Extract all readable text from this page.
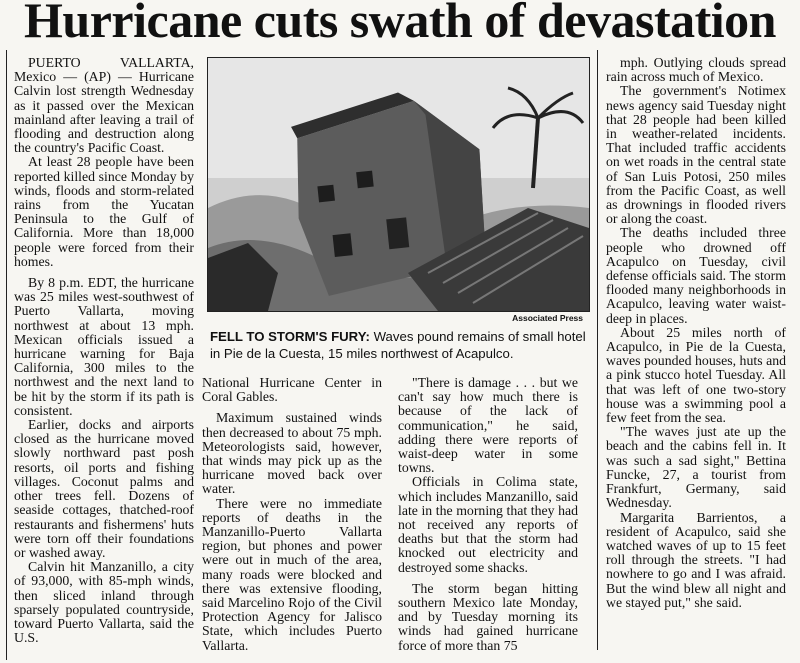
Hurricane cuts swath of devastation

PUERTO VALLARTA, Mexico — (AP) — Hurricane Calvin lost strength Wednesday as it passed over the Mexican mainland after leaving a trail of flooding and destruction along the country's Pacific Coast.

At least 28 people have been reported killed since Monday by winds, floods and storm-related rains from the Yucatan Peninsula to the Gulf of California. More than 18,000 people were forced from their homes.

By 8 p.m. EDT, the hurricane was 25 miles west-southwest of Puerto Vallarta, moving northwest at about 13 mph. Mexican officials issued a hurricane warning for Baja California, 300 miles to the northwest and the next land to be hit by the storm if its path is consistent.

Earlier, docks and airports closed as the hurricane moved slowly northward past posh resorts, oil ports and fishing villages. Coconut palms and other trees fell. Dozens of seaside cottages, thatched-roof restaurants and fishermens' huts were torn off their foundations or washed away.

Calvin hit Manzanillo, a city of 93,000, with 85-mph winds, then sliced inland through sparsely populated countryside, toward Puerto Vallarta, said the U.S.

Associated Press
FELL TO STORM'S FURY: Waves pound remains of small hotel in Pie de la Cuesta, 15 miles northwest of Acapulco.

National Hurricane Center in Coral Gables.

Maximum sustained winds then decreased to about 75 mph. Meteorologists said, however, that winds may pick up as the hurricane moved back over water.

There were no immediate reports of deaths in the Manzanillo-Puerto Vallarta region, but phones and power were out in much of the area, many roads were blocked and there was extensive flooding, said Marcelino Rojo of the Civil Protection Agency for Jalisco State, which includes Puerto Vallarta.

"There is damage . . . but we can't say how much there is because of the lack of communication," he said, adding there were reports of waist-deep water in some towns.

Officials in Colima state, which includes Manzanillo, said late in the morning that they had not received any reports of deaths but that the storm had knocked out electricity and destroyed some shacks.

The storm began hitting southern Mexico late Monday, and by Tuesday morning its winds had gained hurricane force of more than 75

mph. Outlying clouds spread rain across much of Mexico.

The government's Notimex news agency said Tuesday night that 28 people had been killed in weather-related incidents. That included traffic accidents on wet roads in the central state of San Luis Potosi, 250 miles from the Pacific Coast, as well as drownings in flooded rivers or along the coast.

The deaths included three people who drowned off Acapulco on Tuesday, civil defense officials said. The storm flooded many neighborhoods in Acapulco, leaving water waist-deep in places.

About 25 miles north of Acapulco, in Pie de la Cuesta, waves pounded houses, huts and a pink stucco hotel Tuesday. All that was left of one two-story house was a swimming pool a few feet from the sea.

"The waves just ate up the beach and the cabins fell in. It was such a sad sight," Bettina Funcke, 27, a tourist from Frankfurt, Germany, said Wednesday.

Margarita Barrientos, a resident of Acapulco, said she watched waves of up to 15 feet roll through the streets. "I had nowhere to go and I was afraid. But the wind blew all night and we stayed put," she said.
